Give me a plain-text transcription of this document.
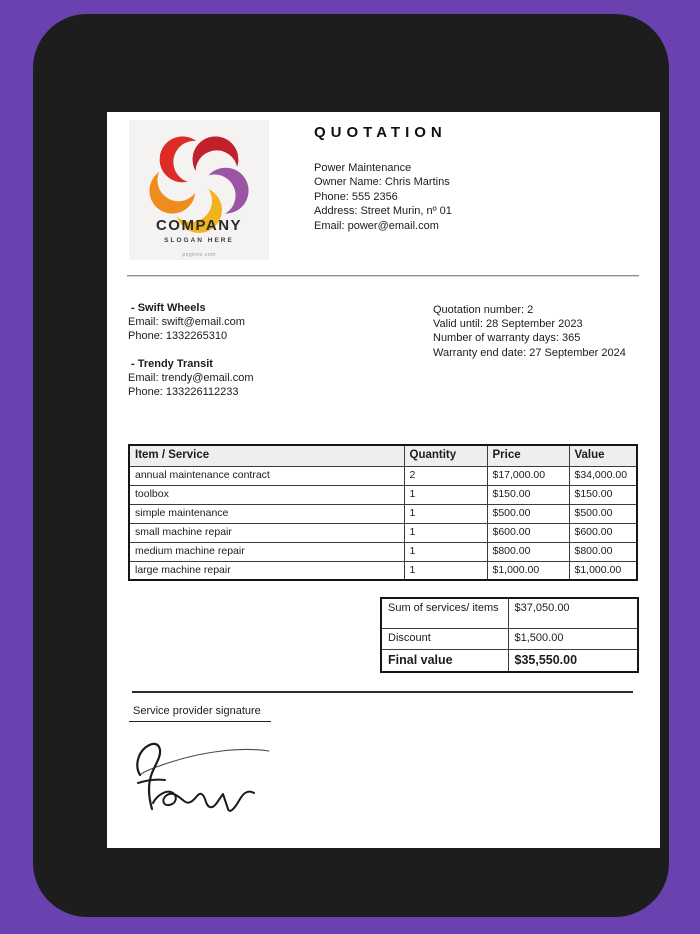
COMPANY
SLOGAN HERE
pngtree.com
QUOTATION
Power Maintenance
Owner Name: Chris Martins
Phone: 555 2356
Address: Street Murin, nº 01
Email: power@email.com
- Swift Wheels
Email: swift@email.com
Phone: 1332265310
- Trendy Transit
Email: trendy@email.com
Phone: 133226112233
Quotation number: 2
Valid until: 28 September 2023
Number of warranty days: 365
Warranty end date: 27 September 2024
Item / Service	Quantity	Price	Value
annual maintenance contract	2	$17,000.00	$34,000.00
toolbox	1	$150.00	$150.00
simple maintenance	1	$500.00	$500.00
small machine repair	1	$600.00	$600.00
medium machine repair	1	$800.00	$800.00
large machine repair	1	$1,000.00	$1,000.00
Sum of services/ items	$37,050.00
Discount	$1,500.00
Final value	$35,550.00
Service provider signature
